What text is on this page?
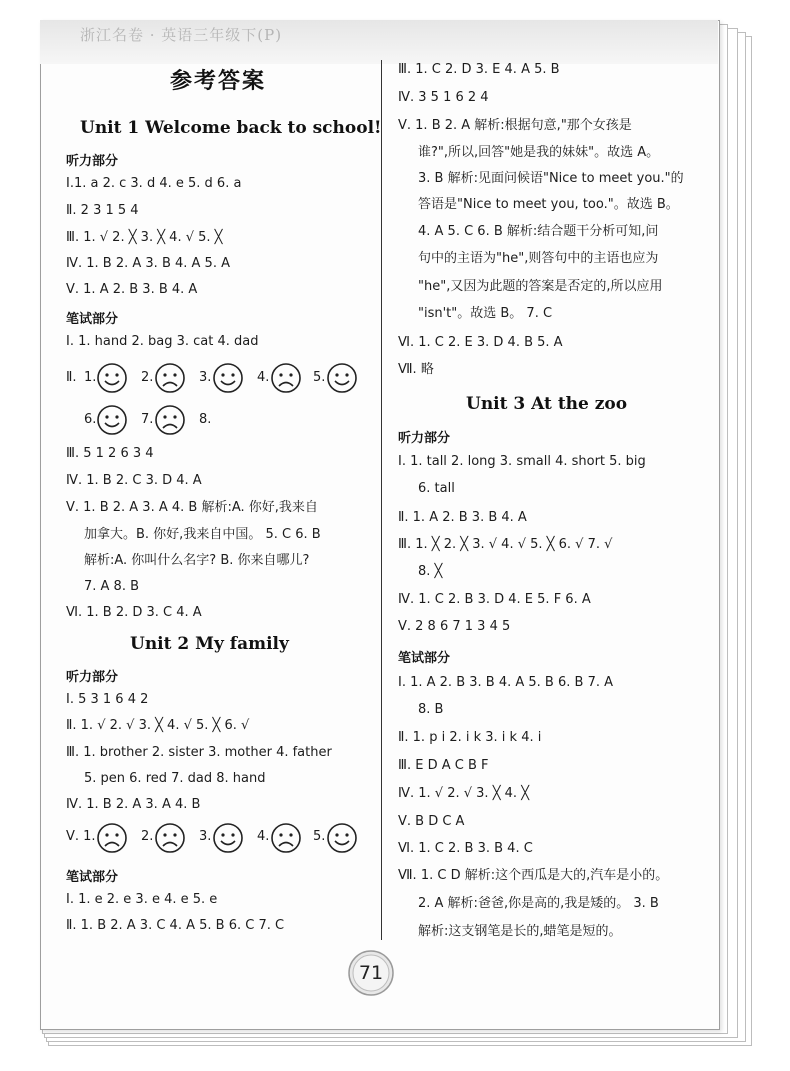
浙江名卷 · 英语三年级下(P)
参考答案
Unit 1 Welcome back to school!
听力部分
Ⅰ.1. a 2. c 3. d 4. e 5. d 6. a
Ⅱ. 2 3 1 5 4
Ⅲ. 1. √ 2. ╳ 3. ╳ 4. √ 5. ╳
Ⅳ. 1. B 2. A 3. B 4. A 5. A
Ⅴ. 1. A 2. B 3. B 4. A
笔试部分
Ⅰ. 1. hand 2. bag 3. cat 4. dad
Ⅱ. 1.	2.	3.	4.	5.
6.	7.	8.
Ⅲ. 5 1 2 6 3 4
Ⅳ. 1. B 2. C 3. D 4. A
Ⅴ. 1. B 2. A 3. A 4. B 解析:A. 你好,我来自
加拿大。B. 你好,我来自中国。 5. C 6. B
解析:A. 你叫什么名字? B. 你来自哪儿?
7. A 8. B
Ⅵ. 1. B 2. D 3. C 4. A
Unit 2 My family
听力部分
Ⅰ. 5 3 1 6 4 2
Ⅱ. 1. √ 2. √ 3. ╳ 4. √ 5. ╳ 6. √
Ⅲ. 1. brother 2. sister 3. mother 4. father
5. pen 6. red 7. dad 8. hand
Ⅳ. 1. B 2. A 3. A 4. B
Ⅴ. 1.	2.	3.	4.	5.
笔试部分
Ⅰ. 1. e 2. e 3. e 4. e 5. e
Ⅱ. 1. B 2. A 3. C 4. A 5. B 6. C 7. C
Ⅲ. 1. C 2. D 3. E 4. A 5. B
Ⅳ. 3 5 1 6 2 4
Ⅴ. 1. B 2. A 解析:根据句意,"那个女孩是
谁?",所以,回答"她是我的妹妹"。故选 A。
3. B 解析:见面问候语"Nice to meet you."的
答语是"Nice to meet you, too."。故选 B。
4. A 5. C 6. B 解析:结合题干分析可知,问
句中的主语为"he",则答句中的主语也应为
"he",又因为此题的答案是否定的,所以应用
"isn't"。故选 B。 7. C
Ⅵ. 1. C 2. E 3. D 4. B 5. A
Ⅶ. 略
Unit 3 At the zoo
听力部分
Ⅰ. 1. tall 2. long 3. small 4. short 5. big
6. tall
Ⅱ. 1. A 2. B 3. B 4. A
Ⅲ. 1. ╳ 2. ╳ 3. √ 4. √ 5. ╳ 6. √ 7. √
8. ╳
Ⅳ. 1. C 2. B 3. D 4. E 5. F 6. A
Ⅴ. 2 8 6 7 1 3 4 5
笔试部分
Ⅰ. 1. A 2. B 3. B 4. A 5. B 6. B 7. A
8. B
Ⅱ. 1. p i 2. i k 3. i k 4. i
Ⅲ. E D A C B F
Ⅳ. 1. √ 2. √ 3. ╳ 4. ╳
Ⅴ. B D C A
Ⅵ. 1. C 2. B 3. B 4. C
Ⅶ. 1. C D 解析:这个西瓜是大的,汽车是小的。
2. A 解析:爸爸,你是高的,我是矮的。 3. B
解析:这支钢笔是长的,蜡笔是短的。
71
